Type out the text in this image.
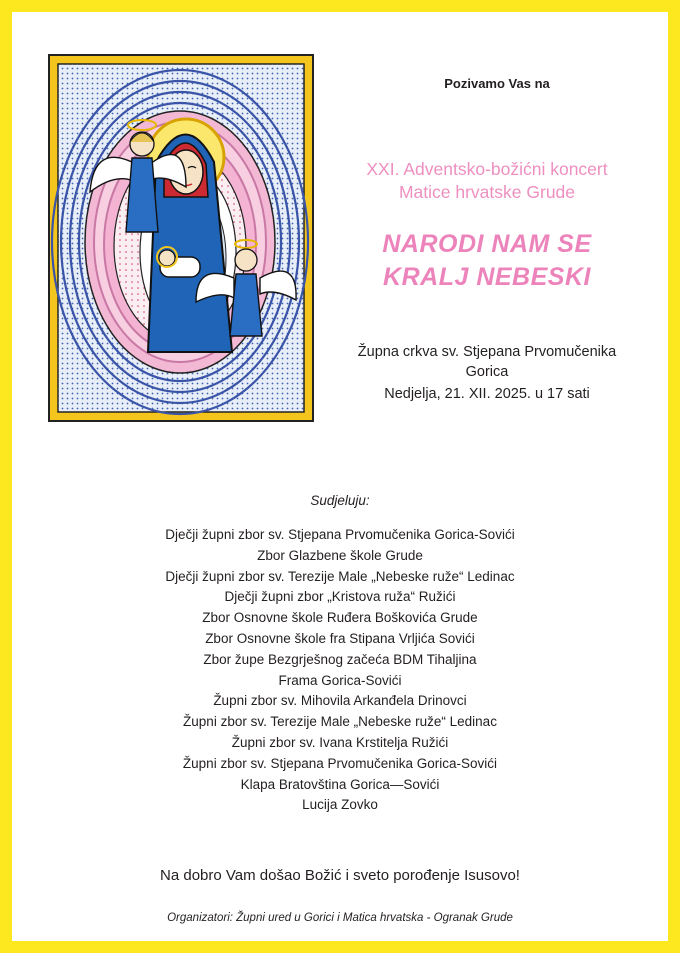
Pozivamo Vas na
XXI. Adventsko-božićni koncert
Matice hrvatske Grude
NARODI NAM SE
KRALJ NEBESKI
Župna crkva sv. Stjepana Prvomučenika
Gorica
Nedjelja, 21. XII. 2025. u 17 sati
Sudjeluju:
Dječji župni zbor sv. Stjepana Prvomučenika Gorica-Sovići
Zbor Glazbene škole Grude
Dječji župni zbor sv. Terezije Male „Nebeske ruže“ Ledinac
Dječji župni zbor „Kristova ruža“ Ružići
Zbor Osnovne škole Ruđera Boškovića Grude
Zbor Osnovne škole fra Stipana Vrljića Sovići
Zbor župe Bezgrješnog začeća BDM Tihaljina
Frama Gorica-Sovići
Župni zbor sv. Mihovila Arkanđela Drinovci
Župni zbor sv. Terezije Male „Nebeske ruže“ Ledinac
Župni zbor sv. Ivana Krstitelja Ružići
Župni zbor sv. Stjepana Prvomučenika Gorica-Sovići
Klapa Bratovština Gorica—Sovići
Lucija Zovko
Na dobro Vam došao Božić i sveto porođenje Isusovo!
Organizatori: Župni ured u Gorici i Matica hrvatska - Ogranak Grude
